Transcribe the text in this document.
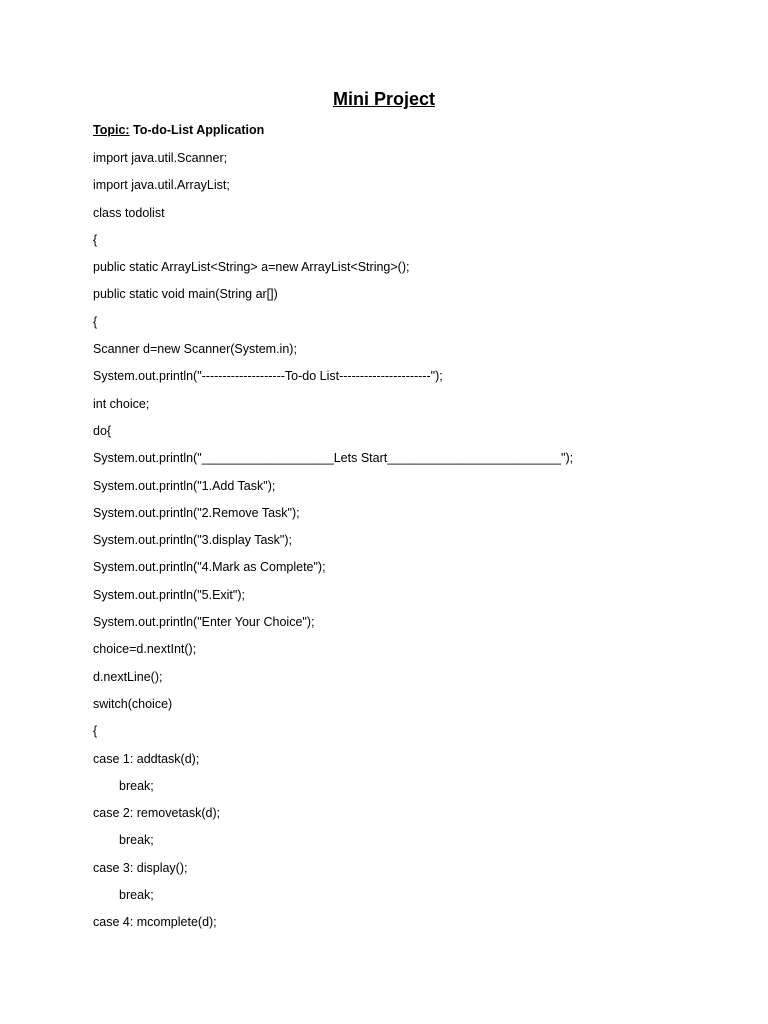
Mini Project
Topic: To-do-List Application
import java.util.Scanner;
import java.util.ArrayList;
class todolist
{
public static ArrayList<String> a=new ArrayList<String>();
public static void main(String ar[])
{
Scanner d=new Scanner(System.in);
System.out.println("--------------------To-do List----------------------");
int choice;
do{
System.out.println("___________________Lets Start_________________________");
System.out.println("1.Add Task");
System.out.println("2.Remove Task");
System.out.println("3.display Task");
System.out.println("4.Mark as Complete");
System.out.println("5.Exit");
System.out.println("Enter Your Choice");
choice=d.nextInt();
d.nextLine();
switch(choice)
{
case 1: addtask(d);
break;
case 2: removetask(d);
break;
case 3: display();
break;
case 4: mcomplete(d);
